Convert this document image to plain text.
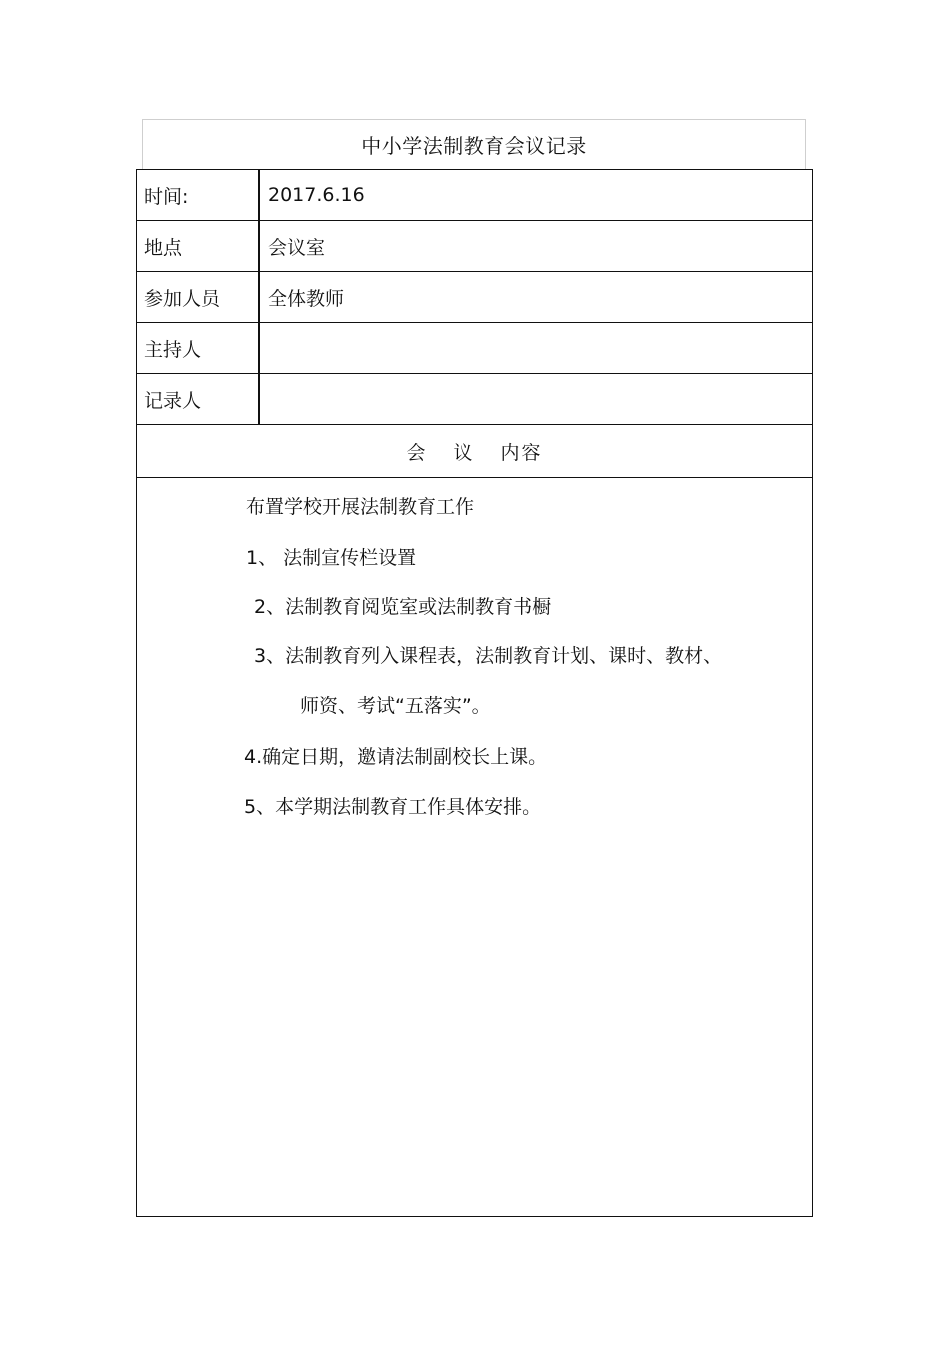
中小学法制教育会议记录
时间:	2017.6.16
地点	会议室
参加人员	全体教师
主持人
记录人
会 议 内容
布置学校开展法制教育工作
1、 法制宣传栏设置
2、法制教育阅览室或法制教育书橱
3、法制教育列入课程表，法制教育计划、课时、教材、
师资、考试“五落实”。
4.确定日期，邀请法制副校长上课。
5、本学期法制教育工作具体安排。
